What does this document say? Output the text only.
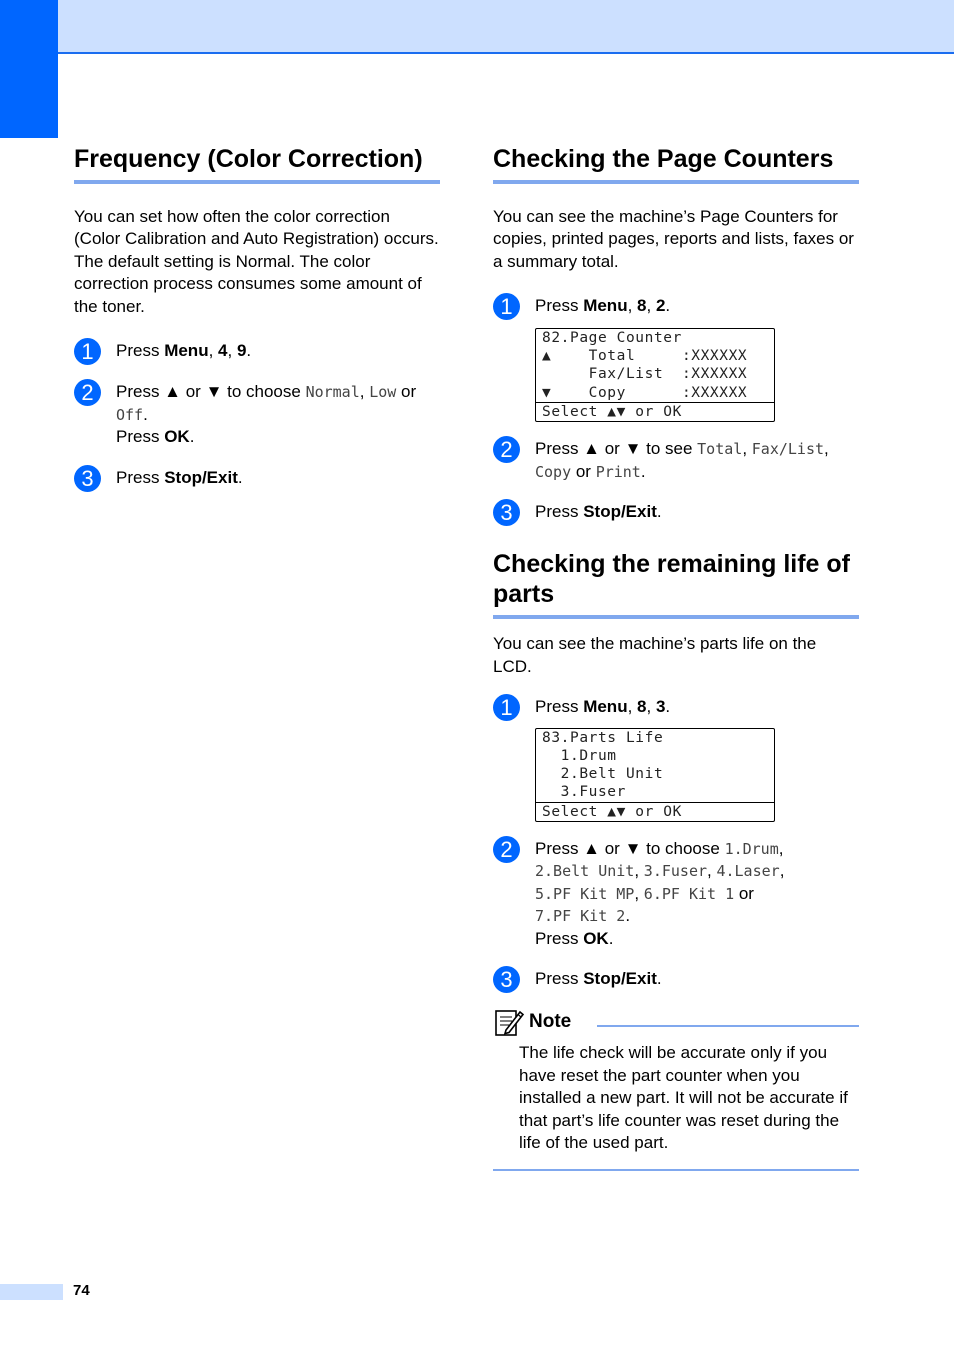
Frequency (Color Correction)

You can set how often the color correction (Color Calibration and Auto Registration) occurs. The default setting is Normal. The color correction process consumes some amount of the toner.

1	Press Menu, 4, 9.
2	Press ▲ or ▼ to choose Normal, Low or Off.
Press OK.
3	Press Stop/Exit.
Checking the Page Counters

You can see the machine’s Page Counters for copies, printed pages, reports and lists, faxes or a summary total.

1	Press Menu, 8, 2.
82.Page Counter
▲    Total     :XXXXXX
Fax/List  :XXXXXX
▼    Copy      :XXXXXX
Select ▲▼ or OK
2	Press ▲ or ▼ to see Total, Fax/List,
Copy or Print.
3	Press Stop/Exit.
Checking the remaining life of parts

You can see the machine’s parts life on the LCD.

1	Press Menu, 8, 3.
83.Parts Life
1.Drum
2.Belt Unit
3.Fuser
Select ▲▼ or OK
2	Press ▲ or ▼ to choose 1.Drum,
2.Belt Unit, 3.Fuser, 4.Laser,
5.PF Kit MP, 6.PF Kit 1 or
7.PF Kit 2.
Press OK.
3	Press Stop/Exit.
Note
The life check will be accurate only if you have reset the part counter when you installed a new part. It will not be accurate if that part’s life counter was reset during the life of the used part.
74
